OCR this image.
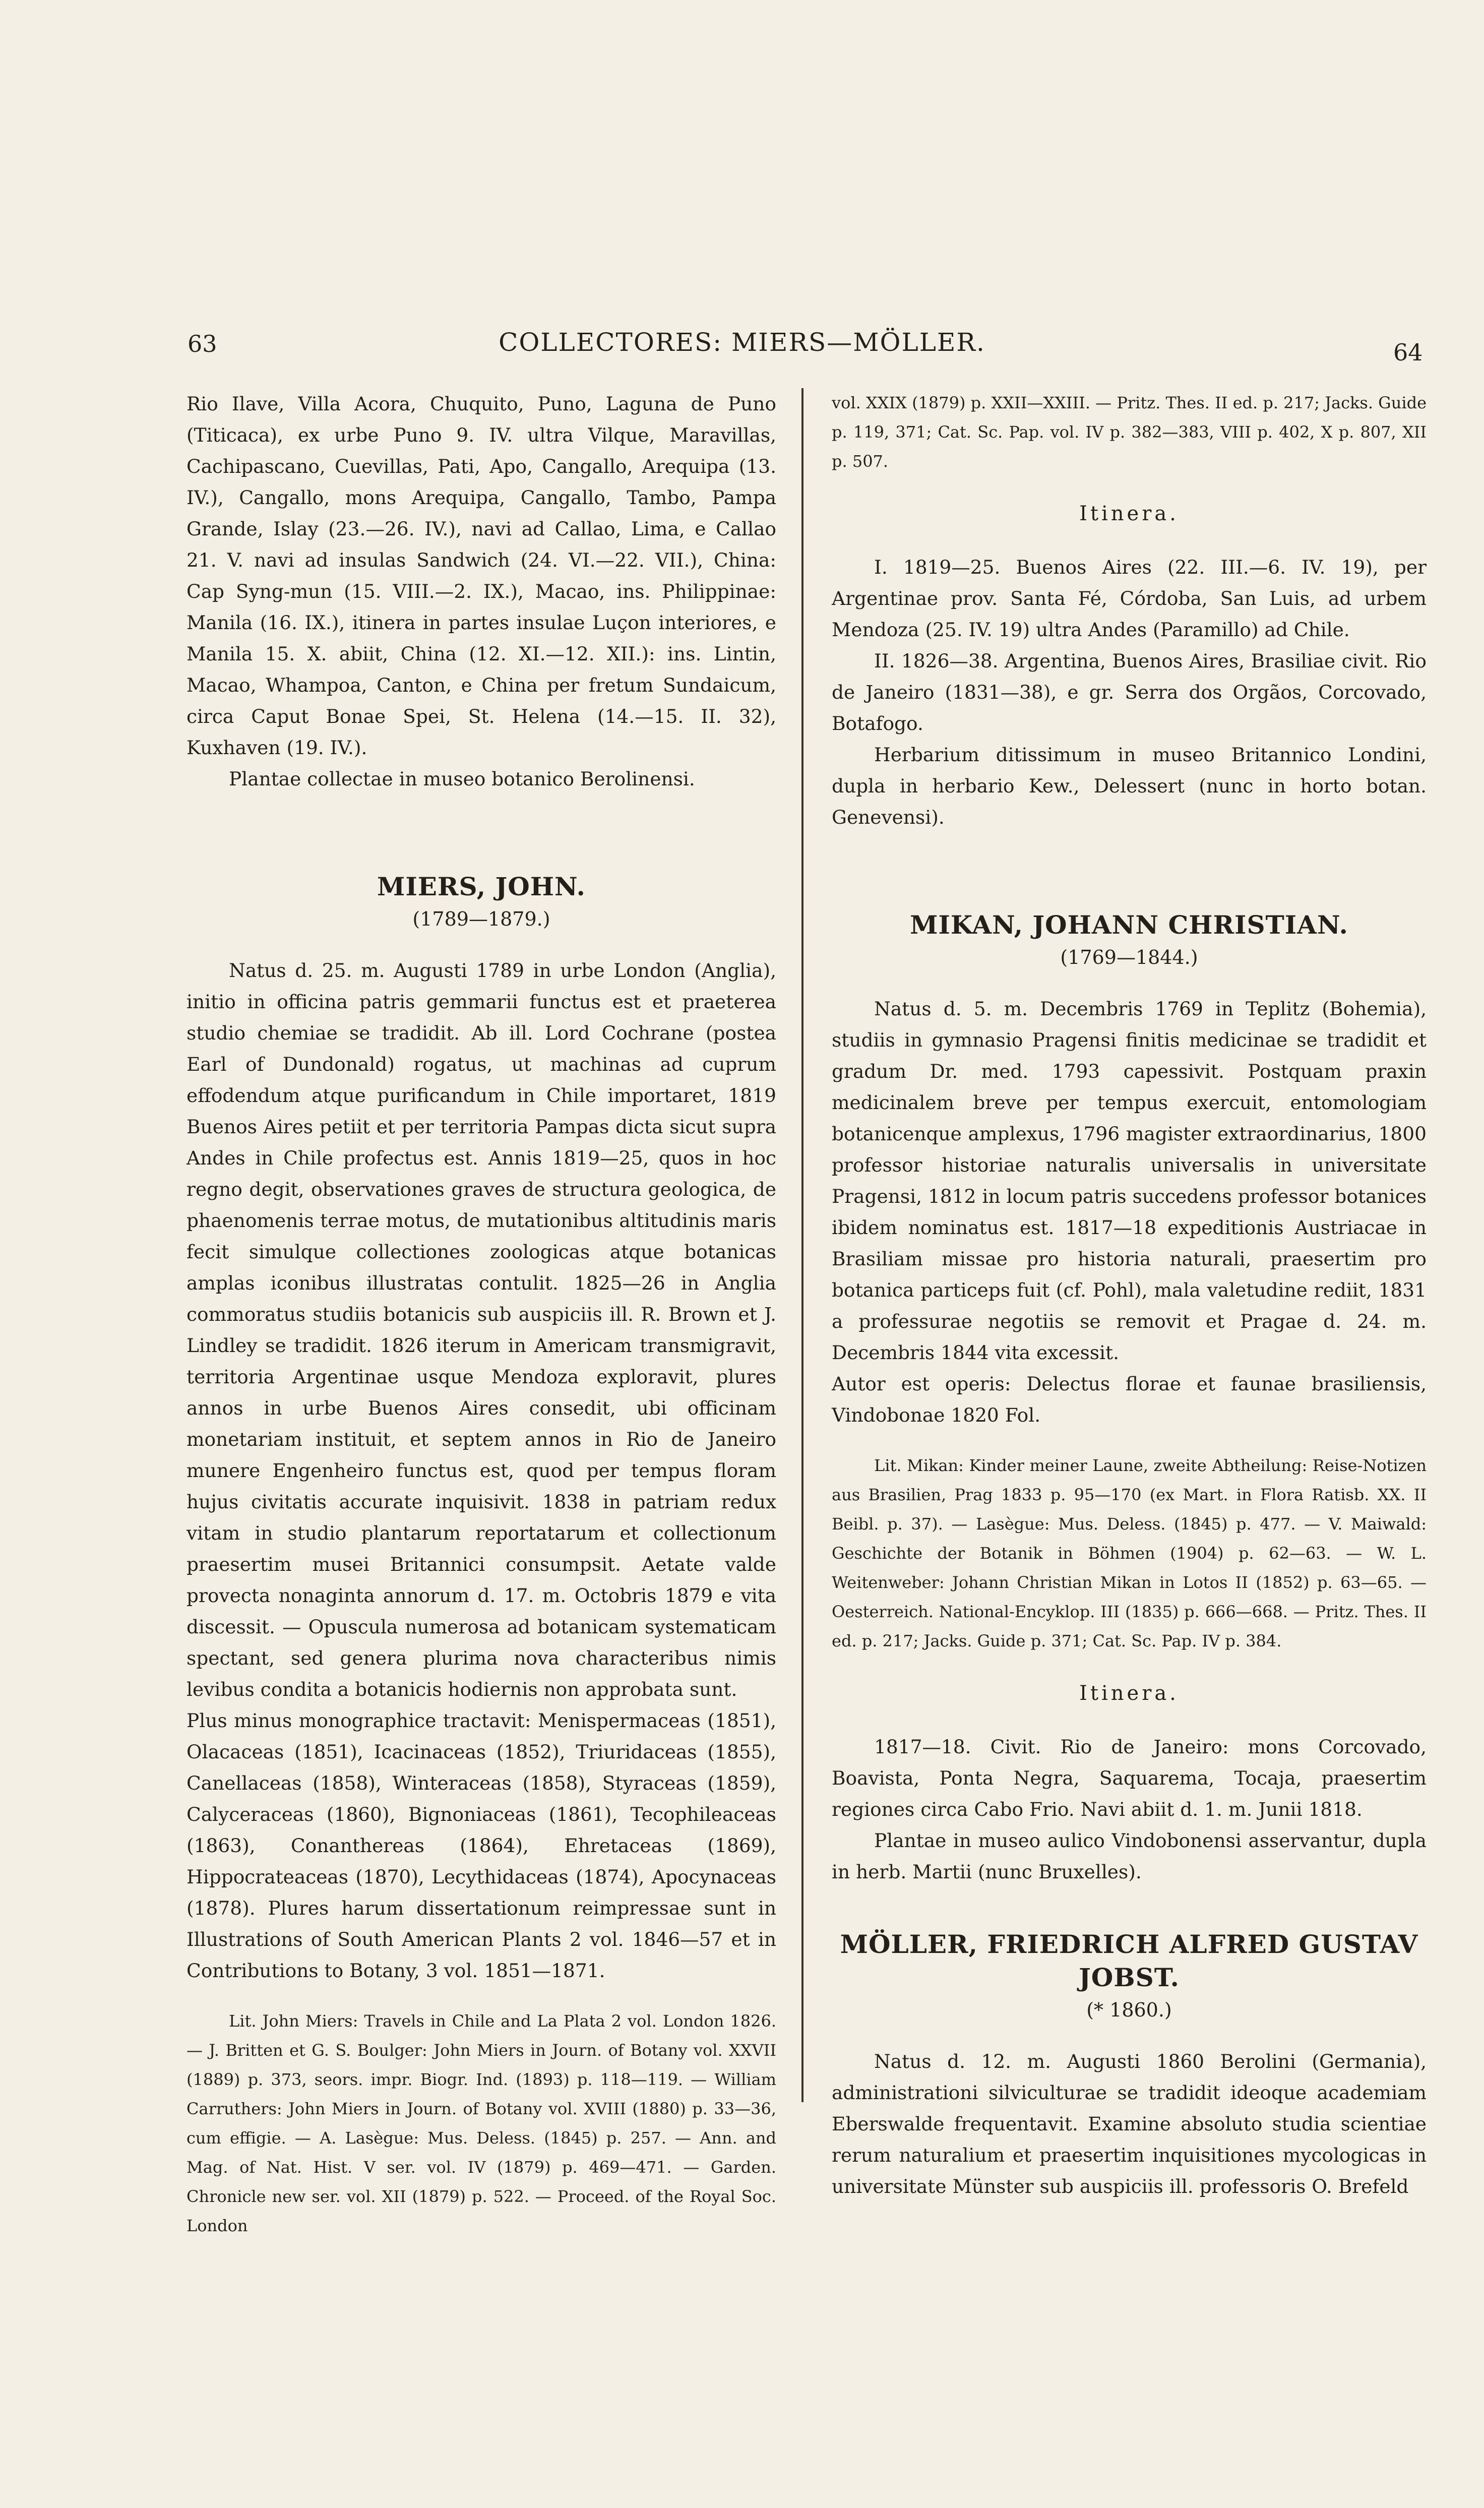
63	COLLECTORES: MIERS—MÖLLER.	64

Rio Ilave, Villa Acora, Chuquito, Puno, Laguna de Puno (Titicaca), ex urbe Puno 9. IV. ultra Vilque, Maravillas, Cachipascano, Cuevillas, Pati, Apo, Cangallo, Arequipa (13. IV.), Cangallo, mons Arequipa, Cangallo, Tambo, Pampa Grande, Islay (23.—26. IV.), navi ad Callao, Lima, e Callao 21. V. navi ad insulas Sandwich (24. VI.—22. VII.), China: Cap Syng-mun (15. VIII.—2. IX.), Macao, ins. Philippinae: Manila (16. IX.), itinera in partes insulae Luçon interiores, e Manila 15. X. abiit, China (12. XI.—12. XII.): ins. Lintin, Macao, Whampoa, Canton, e China per fretum Sundaicum, circa Caput Bonae Spei, St. Helena (14.—15. II. 32), Kuxhaven (19. IV.).

Plantae collectae in museo botanico Berolinensi.

MIERS, JOHN.
(1789—1879.)

Natus d. 25. m. Augusti 1789 in urbe London (Anglia), initio in officina patris gemmarii functus est et praeterea studio chemiae se tradidit. Ab ill. Lord Cochrane (postea Earl of Dundonald) rogatus, ut machinas ad cuprum effodendum atque purificandum in Chile importaret, 1819 Buenos Aires petiit et per territoria Pampas dicta sicut supra Andes in Chile profectus est. Annis 1819—25, quos in hoc regno degit, observationes graves de structura geologica, de phaenomenis terrae motus, de mutationibus altitudinis maris fecit simulque collectiones zoologicas atque botanicas amplas iconibus illustratas contulit. 1825—26 in Anglia commoratus studiis botanicis sub auspiciis ill. R. Brown et J. Lindley se tradidit. 1826 iterum in Americam transmigravit, territoria Argentinae usque Mendoza exploravit, plures annos in urbe Buenos Aires consedit, ubi officinam monetariam instituit, et septem annos in Rio de Janeiro munere Engenheiro functus est, quod per tempus floram hujus civitatis accurate inquisivit. 1838 in patriam redux vitam in studio plantarum reportatarum et collectionum praesertim musei Britannici consumpsit. Aetate valde provecta nonaginta annorum d. 17. m. Octobris 1879 e vita discessit. — Opuscula numerosa ad botanicam systematicam spectant, sed genera plurima nova characteribus nimis levibus condita a botanicis hodiernis non approbata sunt.

Plus minus monographice tractavit: Menispermaceas (1851), Olacaceas (1851), Icacinaceas (1852), Triuridaceas (1855), Canellaceas (1858), Winteraceas (1858), Styraceas (1859), Calyceraceas (1860), Bignoniaceas (1861), Tecophileaceas (1863), Conanthereas (1864), Ehretaceas (1869), Hippocrateaceas (1870), Lecythidaceas (1874), Apocynaceas (1878). Plures harum dissertationum reimpressae sunt in Illustrations of South American Plants 2 vol. 1846—57 et in Contributions to Botany, 3 vol. 1851—1871.

Lit. John Miers: Travels in Chile and La Plata 2 vol. London 1826. — J. Britten et G. S. Boulger: John Miers in Journ. of Botany vol. XXVII (1889) p. 373, seors. impr. Biogr. Ind. (1893) p. 118—119. — William Carruthers: John Miers in Journ. of Botany vol. XVIII (1880) p. 33—36, cum effigie. — A. Lasègue: Mus. Deless. (1845) p. 257. — Ann. and Mag. of Nat. Hist. V ser. vol. IV (1879) p. 469—471. — Garden. Chronicle new ser. vol. XII (1879) p. 522. — Proceed. of the Royal Soc. London

vol. XXIX (1879) p. XXII—XXIII. — Pritz. Thes. II ed. p. 217; Jacks. Guide p. 119, 371; Cat. Sc. Pap. vol. IV p. 382—383, VIII p. 402, X p. 807, XII p. 507.

Itinera.

I. 1819—25. Buenos Aires (22. III.—6. IV. 19), per Argentinae prov. Santa Fé, Córdoba, San Luis, ad urbem Mendoza (25. IV. 19) ultra Andes (Paramillo) ad Chile.

II. 1826—38. Argentina, Buenos Aires, Brasiliae civit. Rio de Janeiro (1831—38), e gr. Serra dos Orgãos, Corcovado, Botafogo.

Herbarium ditissimum in museo Britannico Londini, dupla in herbario Kew., Delessert (nunc in horto botan. Genevensi).

MIKAN, JOHANN CHRISTIAN.
(1769—1844.)

Natus d. 5. m. Decembris 1769 in Teplitz (Bohemia), studiis in gymnasio Pragensi finitis medicinae se tradidit et gradum Dr. med. 1793 capessivit. Postquam praxin medicinalem breve per tempus exercuit, entomologiam botanicenque amplexus, 1796 magister extraordinarius, 1800 professor historiae naturalis universalis in universitate Pragensi, 1812 in locum patris succedens professor botanices ibidem nominatus est. 1817—18 expeditionis Austriacae in Brasiliam missae pro historia naturali, praesertim pro botanica particeps fuit (cf. Pohl), mala valetudine rediit, 1831 a professurae negotiis se removit et Pragae d. 24. m. Decembris 1844 vita excessit.

Autor est operis: Delectus florae et faunae brasiliensis, Vindobonae 1820 Fol.

Lit. Mikan: Kinder meiner Laune, zweite Abtheilung: Reise-Notizen aus Brasilien, Prag 1833 p. 95—170 (ex Mart. in Flora Ratisb. XX. II Beibl. p. 37). — Lasègue: Mus. Deless. (1845) p. 477. — V. Maiwald: Geschichte der Botanik in Böhmen (1904) p. 62—63. — W. L. Weitenweber: Johann Christian Mikan in Lotos II (1852) p. 63—65. — Oesterreich. National-Encyklop. III (1835) p. 666—668. — Pritz. Thes. II ed. p. 217; Jacks. Guide p. 371; Cat. Sc. Pap. IV p. 384.

Itinera.

1817—18. Civit. Rio de Janeiro: mons Corcovado, Boavista, Ponta Negra, Saquarema, Tocaja, praesertim regiones circa Cabo Frio. Navi abiit d. 1. m. Junii 1818.

Plantae in museo aulico Vindobonensi asservantur, dupla in herb. Martii (nunc Bruxelles).

MÖLLER, FRIEDRICH ALFRED GUSTAV JOBST.
(* 1860.)

Natus d. 12. m. Augusti 1860 Berolini (Germania), administrationi silviculturae se tradidit ideoque academiam Eberswalde frequentavit. Examine absoluto studia scientiae rerum naturalium et praesertim inquisitiones mycologicas in universitate Münster sub auspiciis ill. professoris O. Brefeld
